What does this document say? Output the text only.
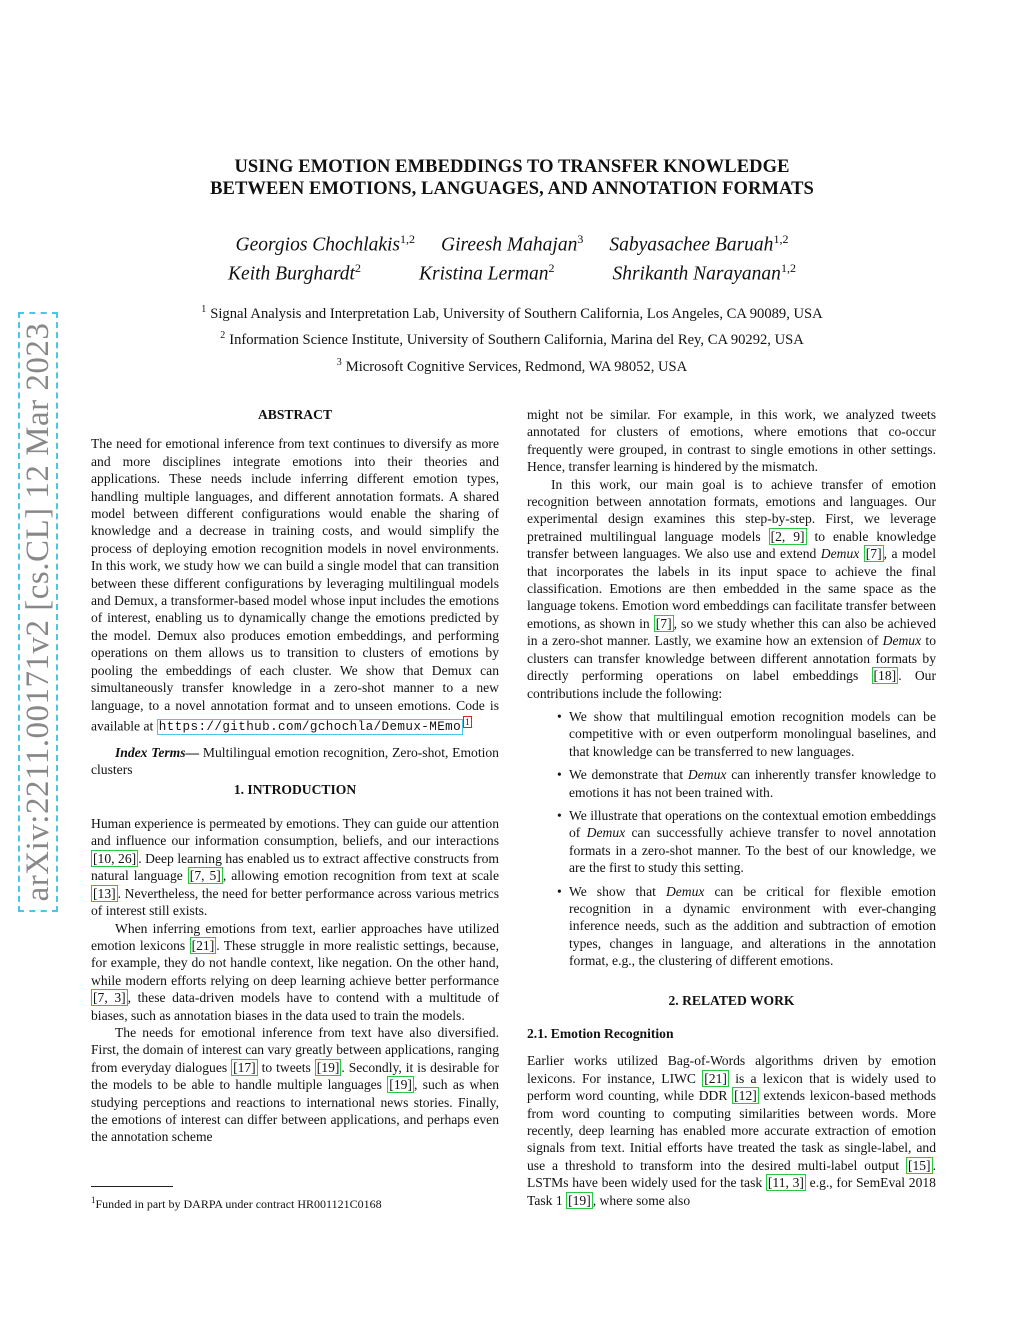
USING EMOTION EMBEDDINGS TO TRANSFER KNOWLEDGE
BETWEEN EMOTIONS, LANGUAGES, AND ANNOTATION FORMATS
Georgios Chochlakis$^{1,2}$ Gireesh Mahajan$^3$ Sabyasachee Baruah$^{1,2}$
Keith Burghardt$^2$	Kristina Lerman$^2$	Shrikanth Narayanan$^{1,2}$
$^1$ Signal Analysis and Interpretation Lab, University of Southern California, Los Angeles, CA 90089, USA
$^2$ Information Science Institute, University of Southern California, Marina del Rey, CA 90292, USA
$^3$ Microsoft Cognitive Services, Redmond, WA 98052, USA
arXiv:2211.00171v2 [cs.CL] 12 Mar 2023	ABSTRACT

The need for emotional inference from text continues to diversify as more and more disciplines integrate emotions into their theories and applications. These needs include inferring different emotion types, handling multiple languages, and different annotation formats. A shared model between different configurations would enable the sharing of knowledge and a decrease in training costs, and would simplify the process of deploying emotion recognition models in novel environments. In this work, we study how we can build a single model that can transition between these different configurations by leveraging multilingual models and Demux, a transformer-based model whose input includes the emotions of interest, enabling us to dynamically change the emotions predicted by the model. Demux also produces emotion embeddings, and performing operations on them allows us to transition to clusters of emotions by pooling the embeddings of each cluster. We show that Demux can simultaneously transfer knowledge in a zero-shot manner to a new language, to a novel annotation format and to unseen emotions. Code is available at https://github.com/gchochla/Demux-MEmo $^1$

Index Terms— Multilingual emotion recognition, Zero-shot, Emotion clusters

1. INTRODUCTION

Human experience is permeated by emotions. They can guide our attention and influence our information consumption, beliefs, and our interactions [10, 26] . Deep learning has enabled us to extract affective constructs from natural language [7, 5] , allowing emotion recognition from text at scale [13] . Nevertheless, the need for better performance across various metrics of interest still exists.

When inferring emotions from text, earlier approaches have utilized emotion lexicons [21] . These struggle in more realistic settings, because, for example, they do not handle context, like negation. On the other hand, while modern efforts relying on deep learning achieve better performance [7, 3] , these data-driven models have to contend with a multitude of biases, such as annotation biases in the data used to train the models.

The needs for emotional inference from text have also diversified. First, the domain of interest can vary greatly between applications, ranging from everyday dialogues [17] to tweets [19] . Secondly, it is desirable for the models to be able to handle multiple languages [19] , such as when studying perceptions and reactions to international news stories. Finally, the emotions of interest can differ between applications, and perhaps even the annotation scheme

might not be similar. For example, in this work, we analyzed tweets annotated for clusters of emotions, where emotions that co-occur frequently were grouped, in contrast to single emotions in other settings. Hence, transfer learning is hindered by the mismatch.

In this work, our main goal is to achieve transfer of emotion recognition between annotation formats, emotions and languages. Our experimental design examines this step-by-step. First, we leverage pretrained multilingual language models [2, 9] to enable knowledge transfer between languages. We also use and extend Demux [7] , a model that incorporates the labels in its input space to achieve the final classification. Emotions are then embedded in the same space as the language tokens. Emotion word embeddings can facilitate transfer between emotions, as shown in [7] , so we study whether this can also be achieved in a zero-shot manner. Lastly, we examine how an extension of Demux to clusters can transfer knowledge between different annotation formats by directly performing operations on label embeddings [18] . Our contributions include the following:

• We show that multilingual emotion recognition models can be competitive with or even outperform monolingual baselines, and that knowledge can be transferred to new languages.
• We demonstrate that Demux can inherently transfer knowledge to emotions it has not been trained with.
• We illustrate that operations on the contextual emotion embeddings of Demux can successfully achieve transfer to novel annotation formats in a zero-shot manner. To the best of our knowledge, we are the first to study this setting.
• We show that Demux can be critical for flexible emotion recognition in a dynamic environment with ever-changing inference needs, such as the addition and subtraction of emotion types, changes in language, and alterations in the annotation format, e.g., the clustering of different emotions.

2. RELATED WORK

2.1. Emotion Recognition

Earlier works utilized Bag-of-Words algorithms driven by emotion lexicons. For instance, LIWC [21] is a lexicon that is widely used to perform word counting, while DDR [12] extends lexicon-based methods from word counting to computing similarities between words. More recently, deep learning has enabled more accurate extraction of emotion signals from text. Initial efforts have treated the task as single-label, and use a threshold to transform into the desired multi-label output [15] . LSTMs have been widely used for the task [11, 3] e.g., for SemEval 2018 Task 1 [19] , where some also

$^1$Funded in part by DARPA under contract HR001121C0168
